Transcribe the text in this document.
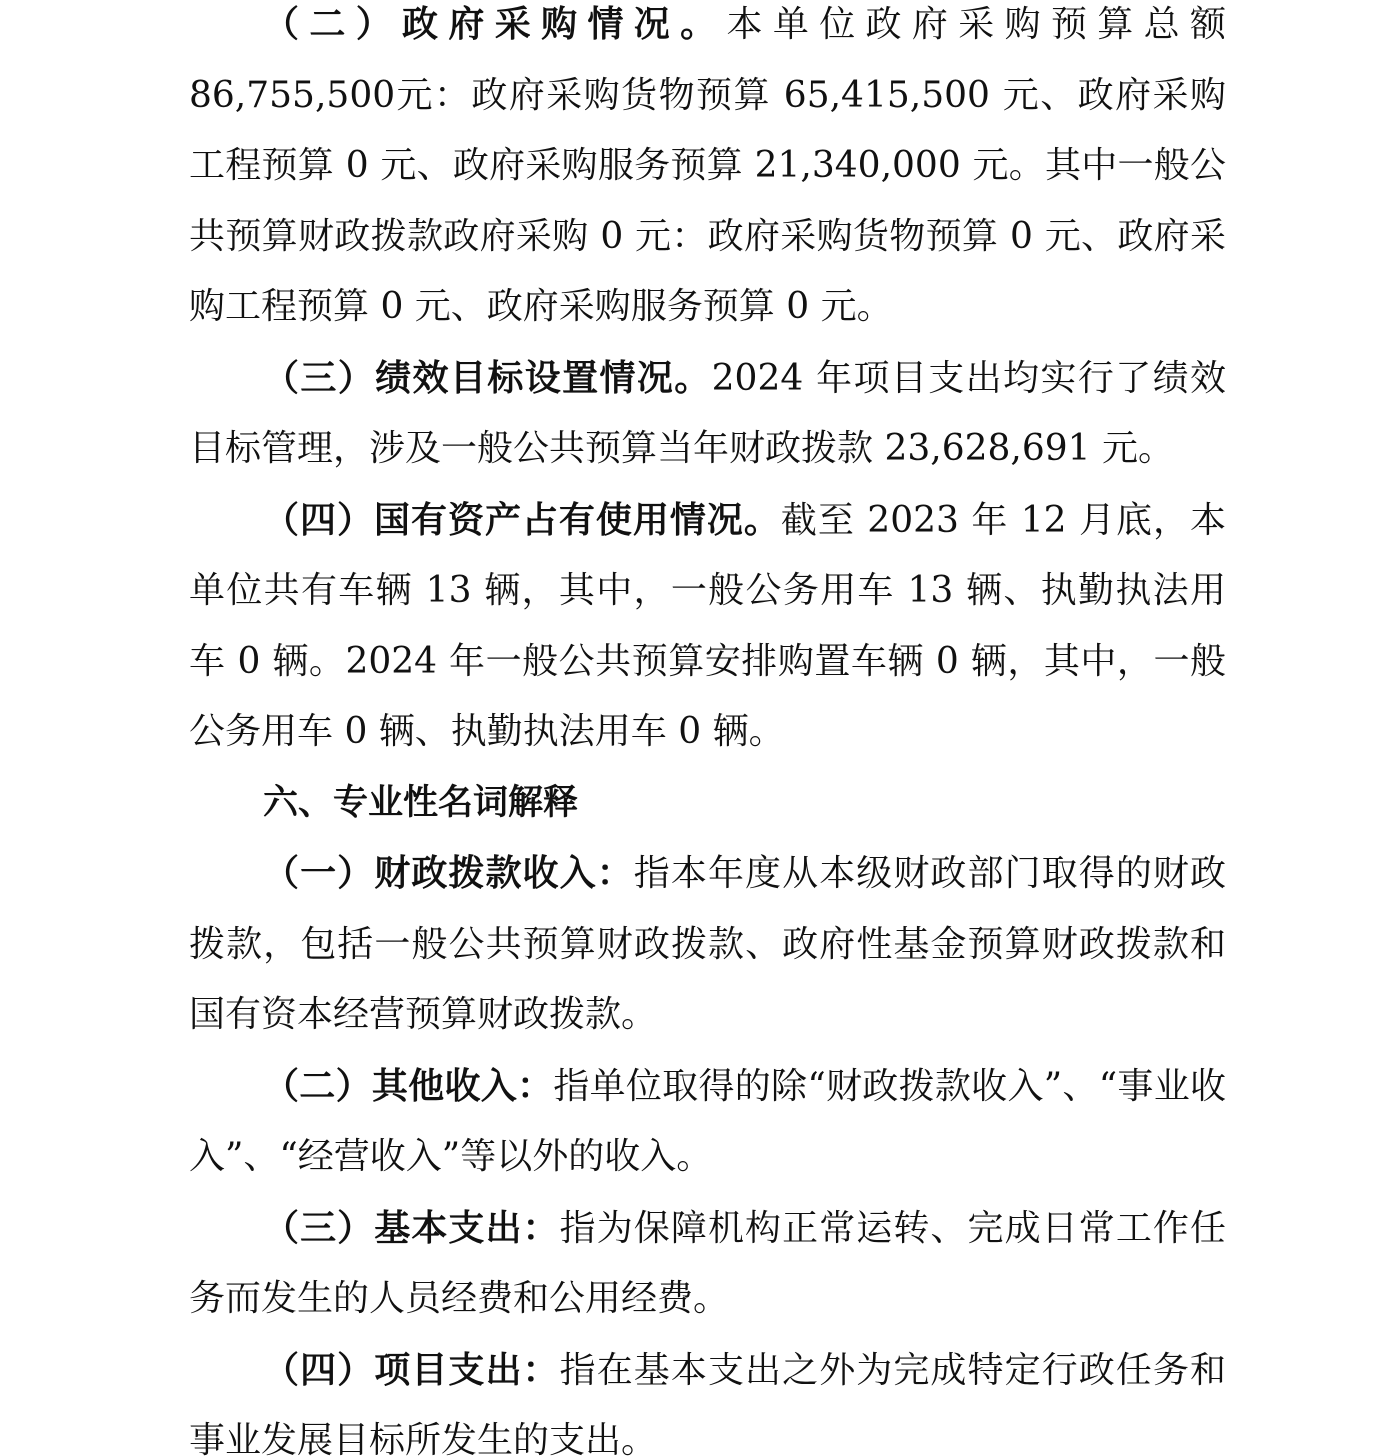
（二）政府采购情况。本单位政府采购预算总额 86,755,500元：政府采购货物预算 65,415,500 元、政府采购工程预算 0 元、政府采购服务预算 21,340,000 元。其中一般公共预算财政拨款政府采购 0 元：政府采购货物预算 0 元、政府采购工程预算 0 元、政府采购服务预算 0 元。

（三）绩效目标设置情况。2024 年项目支出均实行了绩效目标管理，涉及一般公共预算当年财政拨款 23,628,691 元。

（四）国有资产占有使用情况。截至 2023 年 12 月底，本单位共有车辆 13 辆，其中，一般公务用车 13 辆、执勤执法用车 0 辆。2024 年一般公共预算安排购置车辆 0 辆，其中，一般公务用车 0 辆、执勤执法用车 0 辆。

六、专业性名词解释

（一）财政拨款收入：指本年度从本级财政部门取得的财政拨款，包括一般公共预算财政拨款、政府性基金预算财政拨款和国有资本经营预算财政拨款。

（二）其他收入：指单位取得的除“财政拨款收入”、“事业收入”、“经营收入”等以外的收入。

（三）基本支出：指为保障机构正常运转、完成日常工作任务而发生的人员经费和公用经费。

（四）项目支出：指在基本支出之外为完成特定行政任务和事业发展目标所发生的支出。
